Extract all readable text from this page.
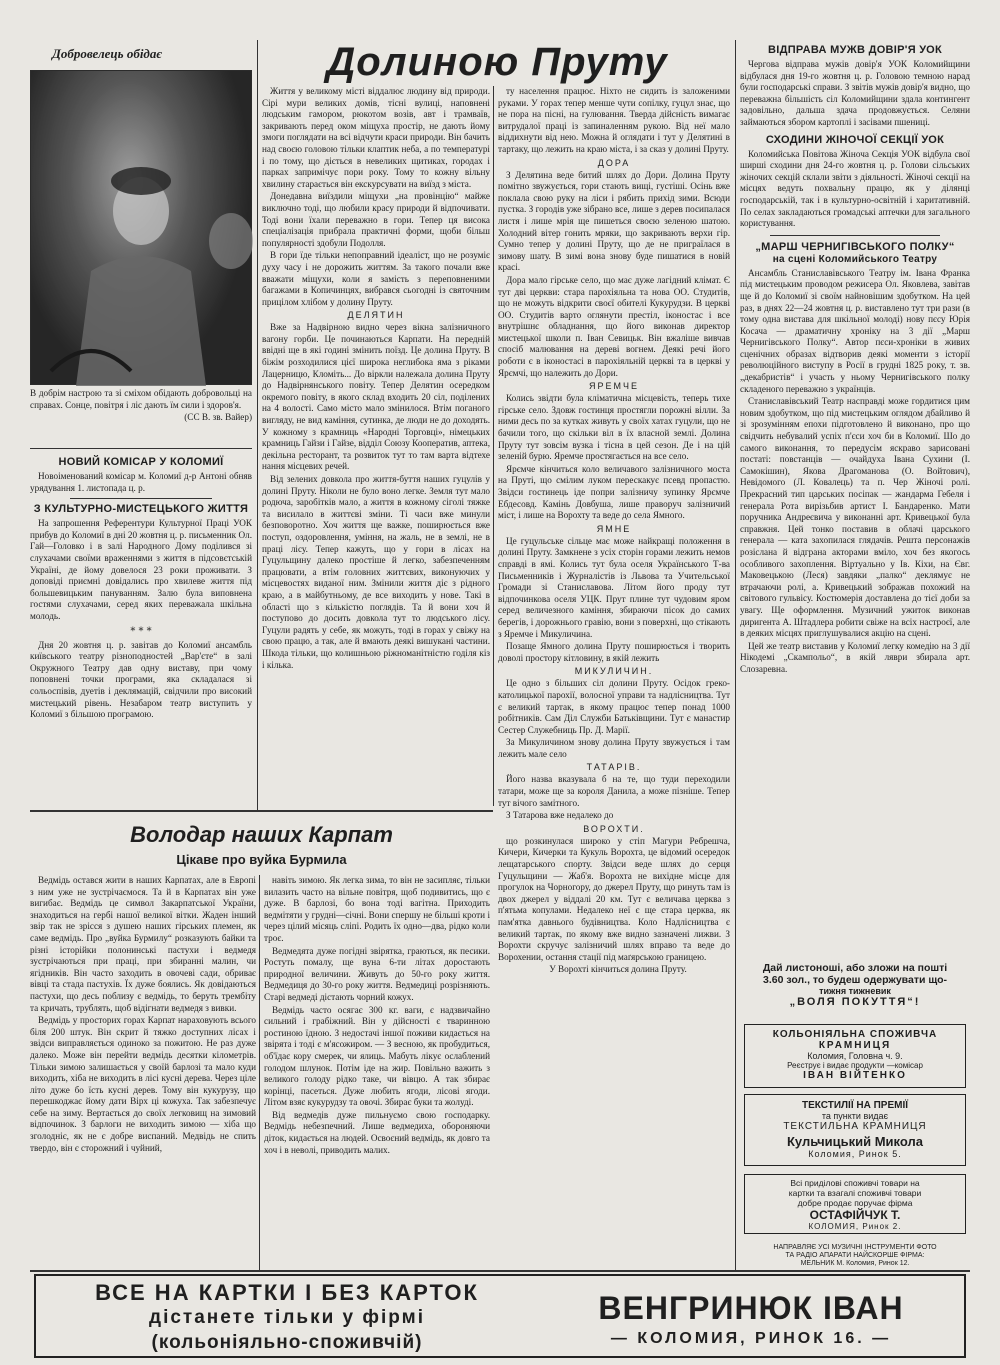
Добровелець обідає

В добрім настрою та зі сміхом обідають добровольці на справах. Сонце, повітря і ліс дають їм сили і здоров'я.

(СС В. зв. Вайер)

НОВИЙ КОМІСАР У КОЛОМИЇ

Новоіменований комісар м. Коломиї д-р Антоні обняв урядування 1. листопада ц. р.

З КУЛЬТУРНО-МИСТЕЦЬКОГО ЖИТТЯ

На запрошення Референтури Культурної Праці УОК прибув до Коломиї в дні 20 жовтня ц. р. письменник Ол. Гай—Головко і в залі Народного Дому поділився зі слухачами своїми враженнями з життя в підсовєтській Україні, де йому довелося 23 роки проживати. З доповіді приємні довідались про хвилеве життя під большевицьким пануванням. Залю була виповнена гостями слухачами, серед яких переважала шкільна молодь.

* * *

Дня 20 жовтня ц. р. завітав до Коломиї ансамбль київського театру різноподностей „Вар'єте“ в залі Окружного Театру дав одну виставу, при чому поповнені точки програми, яка складалася зі сольоспівів, дуетів і деклямацій, свідчили про високий мистецький рівень. Незабаром театр виступить у Коломиї з більшою програмою.

Долиною Пруту

Життя у великому місті віддалює людину від природи. Сірі мури великих домів, тісні вулиці, наповнені людським гамором, рюкотом возів, авт і трамваїв, закривають перед оком міщуха простір, не дають йому змоги поглядати на всі відчути краси природи. Він бачить над своєю головою тільки клаптик неба, а по температурі і по тому, що діється в невеликих щитиках, городах і парках запримічує пори року. Тому то кожну вільну хвилину старається він екскурсувати на виїзд з міста.

Донедавна виїздили міщухи „на провінцію“ майже виключно тоді, що любили красу природи й відпочивати. Тоді вони їхали переважно в гори. Тепер ця висока спеціалізація прибрала практичні форми, щоби більш популярності здобули Подолля.

В гори їде тільки непоправний ідеаліст, що не розуміє духу часу і не дорожить життям. За такого почали вже вважати міщухи, коли я замість з переповненими багажами в Копичинцях, вибрався сьогодні із святочним прицілом хлібом у долину Пруту.

ДЕЛЯТИН

Вже за Надвірною видно через вікна залізничного вагону горби. Це починаються Карпати. На передній ввідні ще в які годині змінить поїзд. Це долина Пруту. В біжім розходилися цієї широка неглибока яма з ріками Лацерницю, Кломіть... До віркли належала долина Пруту до Надвірнянського повіту. Тепер Делятин осередком окремого повіту, в якого склад входить 20 сіл, поділених на 4 волості. Само місто мало змінилося. Втім поганого вигляду, не вид каміння, сутинка, де люди не до доходять. У кожному з крамниць «Народні Торговці», німецьких крамниць Гайзи і Гайзе, відділ Союзу Кооператив, аптека, декільна ресторант, та розвиток тут то там варта відтехе нання місцевих речей.

Від зелених довкола про життя-буття наших гуцулів у долині Пруту. Ніколи не було воно легке. Земля тут мало родюча, заробітків мало, а життя в кожному сіголі тяжке та висилало в життєві зміни. Ті часи вже минули безповоротно. Хоч життя ще важке, поширюється вже поступ, оздоровлення, уміння, на жаль, не в землі, не в праці лісу. Тепер кажуть, що у гори в лісах на Гуцульщину далеко простіше й легко, забезпеченням працювати, а втім головних життєвих, виконуючих у місцевостях виданої ним. Змінили життя діє з рідного краю, а в майбутньому, де все виходить у нове. Такі в області що з кількістю поглядів. Та й вони хоч й поступово до досить довкола тут то людського лісу. Гуцули радять у себе, як можуть, тоді в горах у свіжу на свою працю, а так, але й вмають деякі вишукані частини. Шкода тільки, що колишньою ріжноманітністю годіля кіз і кілька.

ту населення працює. Ніхто не сидить із заложеними руками. У горах тепер менше чути сопілку, гуцул знає, що не пора на пісні, на гулювання. Тверда дійсність вимагає витрудалої праці із запиналенням рукою. Від неї мало віддихнути від нею. Можна й оглядати і тут у Делятині в тартаку, що лежить на краю міста, і за сказ у долині Пруту.

ДОРА

З Делятина веде битий шлях до Дори. Долина Пруту помітно звужується, гори стають вищі, густіші. Осінь вже поклала свою руку на ліси і рябить прихід зими. Всюди пустка. З городів уже зібрано все, лише з дерев посипалася листя і лише мрія ще пишеться своєю зеленою шатою. Холодний вітер гонить мряки, що закривають верхи гір. Сумно тепер у долині Пруту, що де не приграїлася в зимову шату. В зимі вона знову буде пишатися в новій красі.

Дора мало гірське село, що має дуже лагідний клімат. Є тут дві церкви: стара парохіяльна та нова ОО. Студитів, що не можуть відкрити своєї обителі Кукурудзи. В церкві ОО. Студитів варто оглянути престіл, іконостас і все внутрішнє обладнання, що його виконав директор мистецької школи п. Іван Севицьк. Він вжаліше вивчав спосіб малювання на дереві вогнем. Деякі речі його роботи є в іконостасі в парохіяльній церкві та в церкві у Ярємчі, що належить до Дори.

ЯРЕМЧЕ

Колись звідти була кліматична місцевість, теперь тихе гірське село. Здовж гостинця простягли порожні вілли. За ними десь по за кутках живуть у своїх хатах гуцули, що не бачили того, що скільки віл в їх власной землі. Долина Пруту тут зовсім вузка і тісна в цей сезон. Де і на цій зеленій бурю. Яремче простягається на все село.

Ярємче кінчиться коло величавого залізничного моста на Пруті, що смілим луком перескакує псевд пропастю. Звідси гостинець іде попри залізничу зупинку Ярємче Ебдесовд. Камінь Довбуша, лише праворуч залізничий міст, і лише на Ворохту та веде до села Ямного.

ЯМНЕ

Це гуцульське сільце має може найкращі положення в долині Пруту. Замкнене з усіх сторін горами лежить немов справді в ямі. Колись тут була оселя Українського Т-ва Письменників і Журналістів із Львова та Учительської Громади зі Станиславова. Літом його проду тут відпочинкова оселя УЦК. Прут плине тут чудовим яром серед величезного каміння, збираючи пісок до самих берегів, і дорожнього гравію, вони з поверхні, що стікають з Яремче і Микуличина.

Позаще Ямного долина Пруту поширюється і творить доволі простору кітловину, в якій лежить

МИКУЛИЧИН.

Це одно з більших сіл долини Пруту. Осідок греко-католицької парохії, волосної управи та надлісництва. Тут є великий тартак, в якому працює тепер понад 1000 робітників. Сам Діл Служби Батьківщини. Тут є манастир Сестер Служебниць Пр. Д. Марії.

За Микуличином знову долина Пруту звужується і там лежить мале село

ТАТАРІВ.

Його назва вказувала б на те, що туди переходили татари, може ще за короля Данила, а може пізніше. Тепер тут вічого замітного.

З Татарова вже недалеко до

ВОРОХТИ.

що розкинулася широко у стіп Магури Ребрешча, Кичери, Кичерки та Кукуль Ворохта, це відомий осередок лещатарського спорту. Звідси веде шлях до серця Гуцульщини — Жаб'я. Ворохта не вихідне місце для прогулок на Чорногору, до джерел Пруту, що ринуть там із двох джерел у віддалі 20 км. Тут є величава церква з п'ятьма копулами. Недалеко неї є ще стара церква, як пам'ятка давнього будівництва. Коло Надлісництва є великий тартак, по якому вже видно зазначені лижви. З Ворохти скручує залізничий шлях вправо та веде до Ворохении, остання стації під маґярською границею.

У Ворохті кінчиться долина Пруту.

Володар наших Карпат
Цікаве про вуйка Бурмила

Ведмідь остався жити в наших Карпатах, але в Европі з ним уже не зустрічаємося. Та й в Карпатах він уже вигибає. Ведмідь це символ Закарпатської України, знаходиться на гербі нашої великої вітки. Жаден інший звір так не зрісся з душею наших гірських племен, як саме ведмідь. Про „вуйка Бурмилу“ розказують байки та різні історійки полонинські пастухи і ведмедя зустрічаються при праці, при збиранні малин, чи ягідників. Він часто заходить в овочеві сади, обриває вівці та стада пастухів. Їх дуже боялись. Як довідаються пастухи, що десь поблизу є ведмідь, то беруть трембіту та кричать, трублять, щоб відігнати ведмедя з вивки.

Ведмідь у просторих горах Карпат нараховують всього біля 200 штук. Він скрит й тяжко доступних лісах і звідси виправляється одиноко за пожитою. Не раз дуже далеко. Може він перейти ведмідь десятки кілометрів. Тільки зимою залишається у своїй барлозі та мало куди виходить, хіба не виходить в лісі кусні дерева. Через ціле літо дуже бо їсть кусні дерев. Тому він кукурузу, що перешкоджає йому дати Вірх ці кожуха. Так забезпечує себе на зиму. Вертається до своїх легковищ на зимовий відпочинок. З барлоги не виходить зимою — хіба що зголодніє, як не є добре виспаний. Медвідь не спить твердо, він є сторожний і чуйний,

навіть зимою. Як легка зима, то він не засипляє, тільки вилазить часто на вільне повітря, щоб подивитись, що є дуже. В барлозі, бо вона тоді вагітна. Приходить ведмітяти у грудні—січні. Вони спершу не більші кроти і через цілий місяць сліпі. Родить їх одно—два, рідко коли троє.

Ведмедята дуже погідні звірятка, граються, як песики. Ростуть помалу, ще вуна 6-ти літах доростають природної величини. Живуть до 50-го року життя. Ведмедиця до 30-го року життя. Ведмедиці розрізняють. Старі ведмеді дістають чорний кожух.

Ведмідь часто осягає 300 кг. ваги, є надзвичайно сильний і грабіжний. Він у дійсності є тваринною ростиною їдною. З недостачі іншої поживи кидається на звірята і тоді є м'ясожиром. — З весною, як пробудиться, об'їдає кору смерек, чи ялиць. Мабуть лікує ослаблений голодом шлунок. Потім іде на жир. Повільно важить з великого голоду рідко таке, чи вівцю. А так збирає корінці, пасеться. Дуже любить ягоди, лісові ягоди. Літом взяє кукурудзу та овочі. Збирає буки та жолуді.

Від ведмедів дуже пильнуємо свою господарку. Ведмідь небезпечний. Лише ведмедиха, обороняючи діток, кидається на людей. Освоєний ведмідь, як довго та хоч і в неволі, приводить малих.

ВІДПРАВА МУЖВ ДОВІР'Я УОК

Чергова відправа мужів довір'я УОК Коломийщини відбулася дня 19-го жовтня ц. р. Головою темною нарад були господарські справи. З звітів мужів довір'я видно, що переважна більшість сіл Коломийщини здала контингент задовільно, дальша здача продовжується. Селяни займаються збором картоплі і засівами пшениці.

СХОДИНИ ЖІНОЧОЇ СЕКЦІЇ УОК

Коломийська Повітова Жіноча Секція УОК відбула свої ширші сходини дня 24-го жовтня ц. р. Голови сільських жіночих секцій склали звіти з діяльності. Жіночі секції на місцях ведуть похвальну працю, як у ділянці господарській, так і в культурно-освітній і харитативній. По селах закладаються громадські аптечки для загального користування.

„МАРШ ЧЕРНИГІВСЬКОГО ПОЛКУ“
на сцені Коломийського Театру

Ансамбль Станиславівського Театру ім. Івана Франка під мистецьким проводом режисера Ол. Яковлева, завітав ще й до Коломиї зі своїм найновішим здобутком. На цей раз, в днях 22—24 жовтня ц. р. виставлено тут три рази (в тому одна вистава для шкільної молоді) нову пєсу Юрія Косача — драматичну хроніку на 3 дії „Марш Чернигівського Полку“. Автор пєси-хроніки в живих сценічних образах відтворив деякі моменти з історії революційного виступу в Росії в грудні 1825 року, т. зв. „декабристів“ і участь у ньому Чернигівського полку складеного переважно з українців.

Станиславівський Театр насправді може гордитися цим новим здобутком, що під мистецьким оглядом дбайливо й зі зрозумінням епохи підготовлено й виконано, про що свідчить небувалий успіх п'єси хоч би в Коломиї. Шо до самого виконання, то передусім яскраво зарисовані постаті: повстанців — очайдуха Івана Сухини (І. Самокішин), Якова Драгоманова (О. Войтович), Невідомого (Л. Ковалець) та п. Чер Жіночі ролі. Прекрасний тип царських посіпак — жандарма Гебеля і генерала Рота вирізьбив артист І. Бандаренко. Мати поручника Андреєвича у виконанні арт. Кривецької була справжня. Цей тонко поставив в облачі царського генерала — ката захопилася глядачів. Решта персонажів розіслана й відграна акторами вміло, хоч без якогось особливого захоплення. Віртуально у Ів. Кіхи, на Євг. Маковецькою (Леся) завдяки „палко“ деклямує не втрачаючи ролі, а. Кривецький зображав похожий на світового гульвісу. Костюмерія доставлена до тієї доби за увагу. Ще оформлення. Музичний ужиток виконав диригента А. Штадлера робити свіже на всіх настроєї, але в деяких місцях приглушувалися акцію на сцені.

Цей же театр виставив у Коломиї легку комедію на 3 дії Нікодемі „Скампольо“, в якій ляври збирала арт. Слозаревна.

Дай листоноші, або зложи на пошті
3.60 зол., то будеш одержувати що-
тижня тижневик
„ВОЛЯ ПОКУТТЯ“!
КОЛЬОНІЯЛЬНА СПОЖИВЧА
КРАМНИЦЯ
Коломия, Головна ч. 9.
Реєструє і видає продукти —комісар
ІВАН ВІЙТЕНКО
ТЕКСТИЛІЇ НА ПРЕМІЇ
та пункти видає
ТЕКСТИЛЬНА КРАМНИЦЯ
Кульчицький Микола
Коломия, Ринок 5.
Всі приділові споживчі товари на
картки та взагалі споживчі товари
добре продає поручає фірма
ОСТАФІЙЧУК Т.
КОЛОМИЯ, Ринок 2.
НАПРАВЛЯЄ УСІ МУЗИЧНІ ІНСТРУМЕНТИ ФОТО
ТА РАДІО АПАРАТИ НАЙСКОРШЕ ФІРМА:
МЕЛЬНИК М. Коломия, Ринок 12.
ВСЕ НА КАРТКИ І БЕЗ КАРТОК
дістанете тільки у фірмі
(кольоніяльно-споживчій)
ВЕНГРИНЮК ІВАН
— КОЛОМИЯ, РИНОК 16. —
